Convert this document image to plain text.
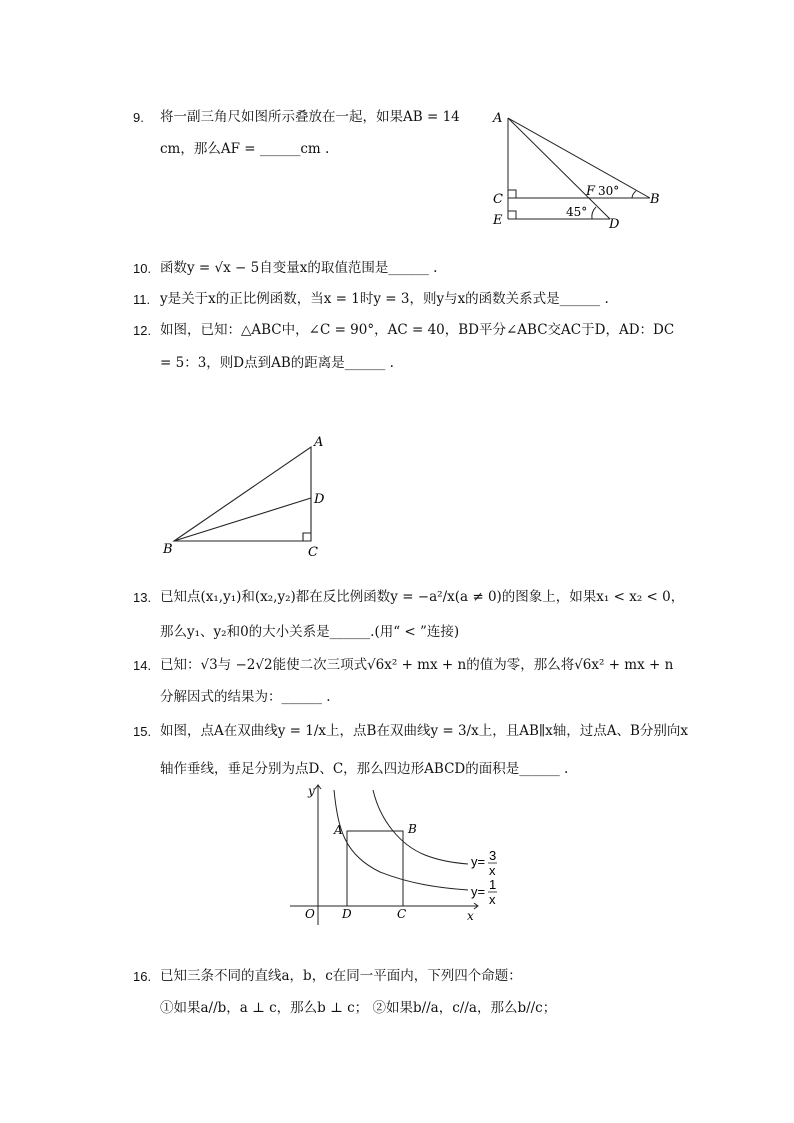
9. 将一副三角尺如图所示叠放在一起，如果AB = 14
cm，那么AF = ______cm .
A
C
E
F
B
D
30°
45°
10. 函数y = √x − 5自变量x的取值范围是______ .
11. y是关于x的正比例函数，当x = 1时y = 3，则y与x的函数关系式是______ .
12. 如图，已知：△ABC中，∠C = 90°，AC = 40，BD平分∠ABC交AC于D，AD：DC
= 5：3，则D点到AB的距离是______ .
A
D
B	C
13. 已知点(x₁,y₁)和(x₂,y₂)都在反比例函数y = −a²/x(a ≠ 0)的图象上，如果x₁ < x₂ < 0，
那么y₁、y₂和0的大小关系是______.(用“ < ”连接)
14. 已知：√3与 −2√2能使二次三项式√6x² + mx + n的值为零，那么将√6x² + mx + n
分解因式的结果为：______ .
15. 如图，点A在双曲线y = 1/x上，点B在双曲线y = 3/x上，且AB∥x轴，过点A、B分别向x
轴作垂线，垂足分别为点D、C，那么四边形ABCD的面积是______ .
y
x
O
A	B
D	C
y= 3
x
y= 1
x
16. 已知三条不同的直线a，b，c在同一平面内，下列四个命题：
①如果a//b，a ⊥ c，那么b ⊥ c； ②如果b//a，c//a，那么b//c；
